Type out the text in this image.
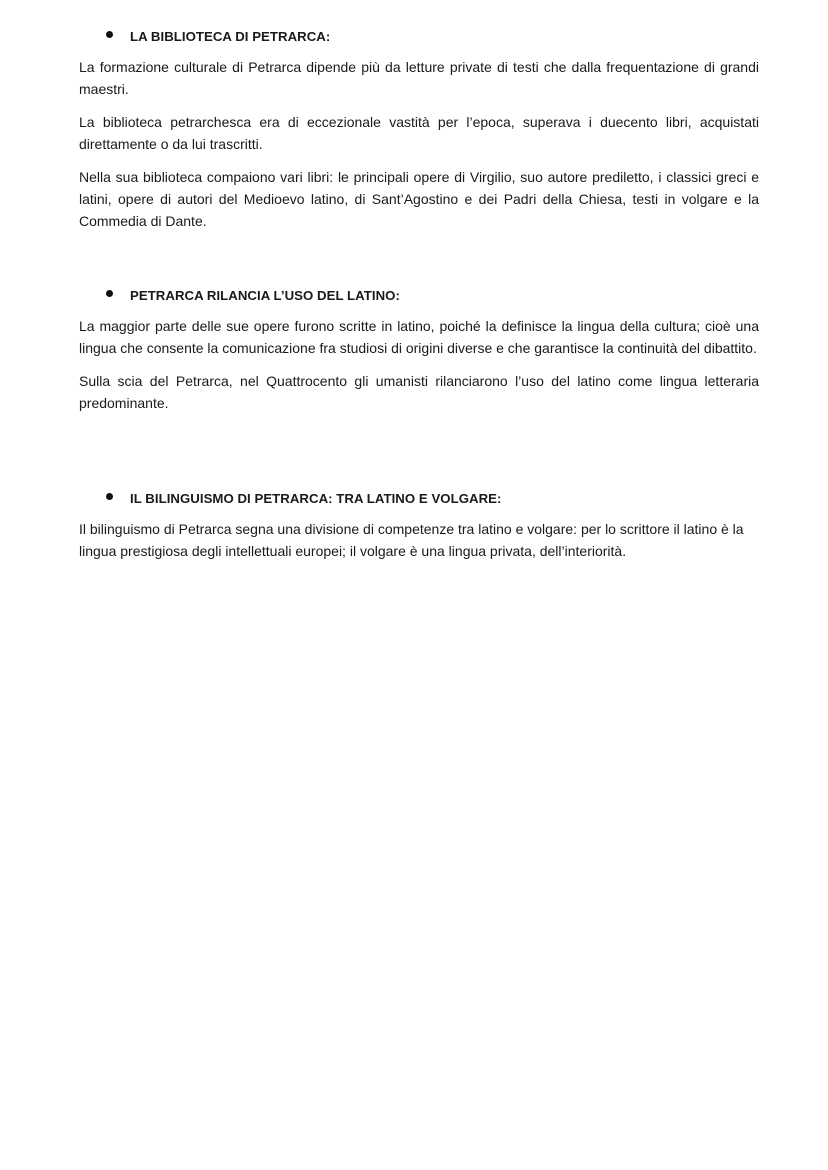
LA BIBLIOTECA DI PETRARCA:

La formazione culturale di Petrarca dipende più da letture private di testi che dalla frequentazione di grandi maestri.

La biblioteca petrarchesca era di eccezionale vastità per l’epoca, superava i duecento libri, acquistati direttamente o da lui trascritti.

Nella sua biblioteca compaiono vari libri: le principali opere di Virgilio, suo autore prediletto, i classici greci e latini, opere di autori del Medioevo latino, di Sant’Agostino e dei Padri della Chiesa, testi in volgare e la Commedia di Dante.

PETRARCA RILANCIA L’USO DEL LATINO:

La maggior parte delle sue opere furono scritte in latino, poiché la definisce la lingua della cultura; cioè una lingua che consente la comunicazione fra studiosi di origini diverse e che garantisce la continuità del dibattito.

Sulla scia del Petrarca, nel Quattrocento gli umanisti rilanciarono l’uso del latino come lingua letteraria predominante.

IL BILINGUISMO DI PETRARCA: TRA LATINO E VOLGARE:

Il bilinguismo di Petrarca segna una divisione di competenze tra latino e volgare: per lo scrittore il latino è la lingua prestigiosa degli intellettuali europei; il volgare è una lingua privata, dell’interiorità.
